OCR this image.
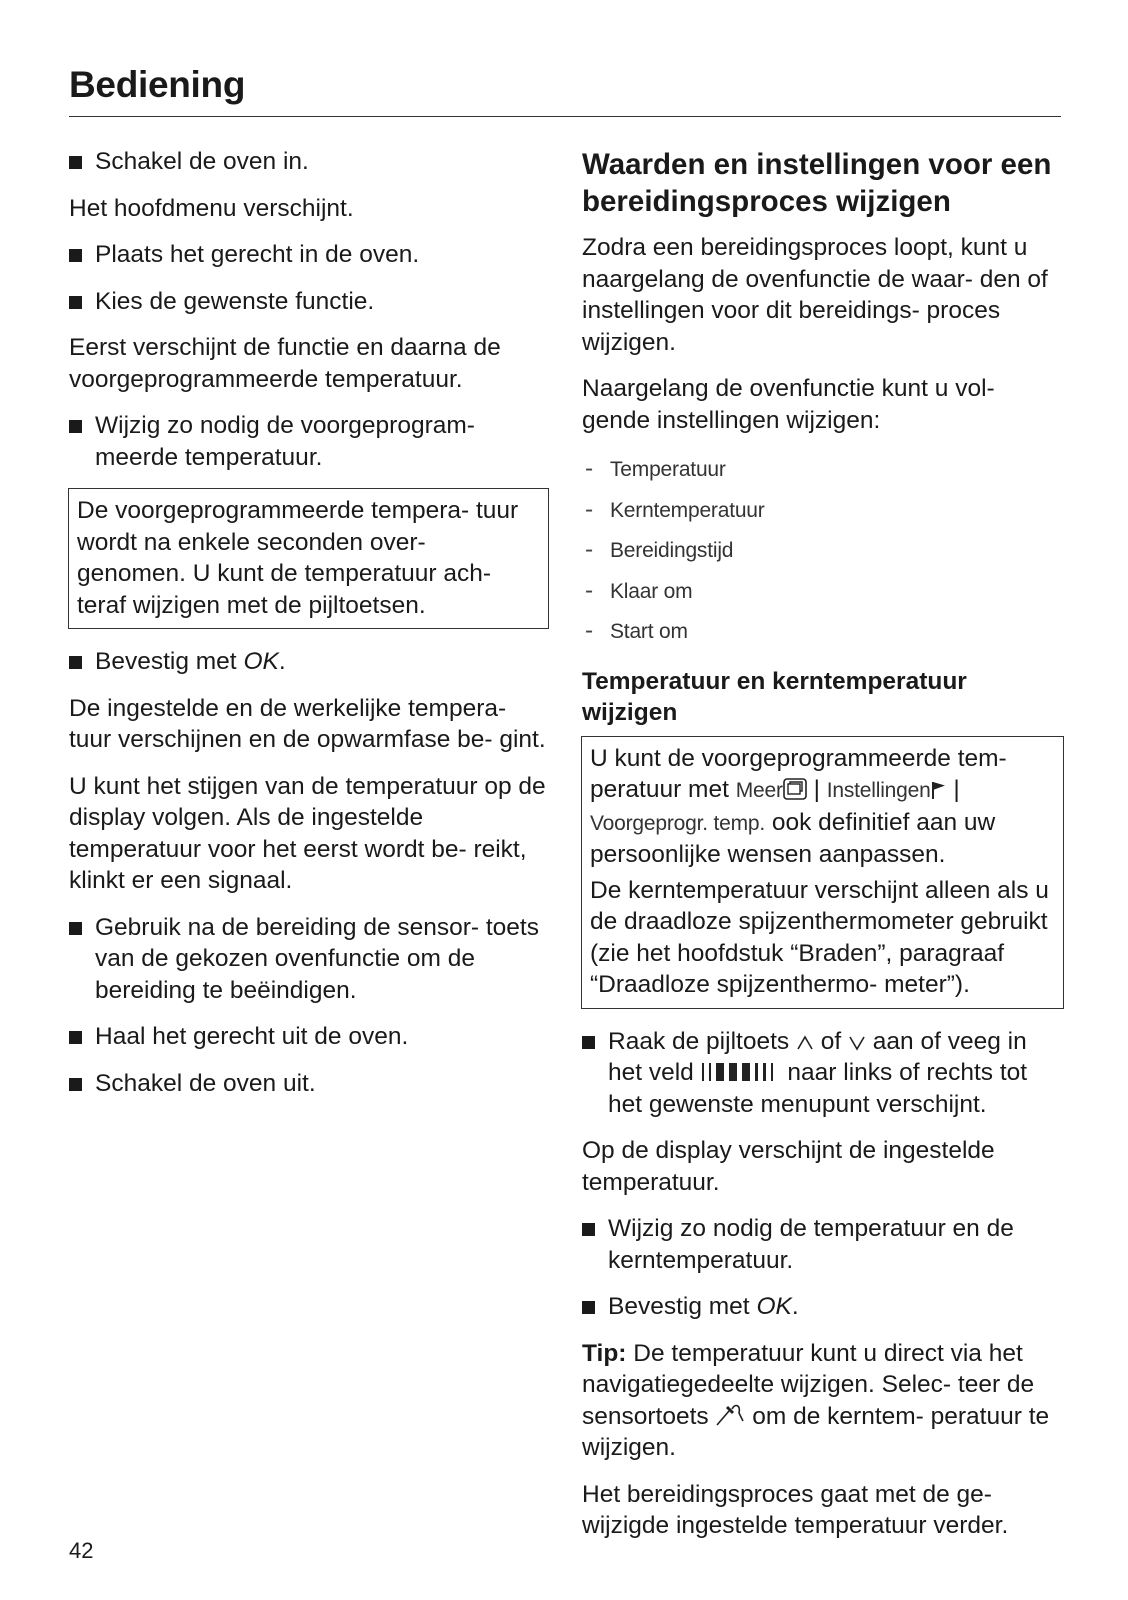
Bediening
Schakel de oven in.

Het hoofdmenu verschijnt.

Plaats het gerecht in de oven.
Kies de gewenste functie.

Eerst verschijnt de functie en daarna de voorgeprogrammeerde temperatuur.

Wijzig zo nodig de voorgeprogram-
meerde temperatuur.

De voorgeprogrammeerde tempera- tuur wordt na enkele seconden over- genomen. U kunt de temperatuur ach- teraf wijzigen met de pijltoetsen.

Bevestig met OK.

De ingestelde en de werkelijke tempera- tuur verschijnen en de opwarmfase be- gint.

U kunt het stijgen van de temperatuur op de display volgen. Als de ingestelde temperatuur voor het eerst wordt be- reikt, klinkt er een signaal.

Gebruik na de bereiding de sensor- toets van de gekozen ovenfunctie om de bereiding te beëindigen.
Haal het gerecht uit de oven.
Schakel de oven uit.
Waarden en instellingen voor een bereidingsproces wijzigen

Zodra een bereidingsproces loopt, kunt u naargelang de ovenfunctie de waar- den of instellingen voor dit bereidings- proces wijzigen.

Naargelang de ovenfunctie kunt u vol- gende instellingen wijzigen:

- Temperatuur
- Kerntemperatuur
- Bereidingstijd
- Klaar om
- Start om
Temperatuur en kerntemperatuur wijzigen

U kunt de voorgeprogrammeerde tem- peratuur met Meer | Instellingen |
Voorgeprogr. temp. ook definitief aan uw persoonlijke wensen aanpassen.

De kerntemperatuur verschijnt alleen als u de draadloze spijzenthermometer gebruikt (zie het hoofdstuk “Braden”, paragraaf “Draadloze spijzenthermo- meter”).

Raak de pijltoets  of  aan of veeg in het veld	naar links of rechts tot het gewenste menupunt verschijnt.

Op de display verschijnt de ingestelde temperatuur.

Wijzig zo nodig de temperatuur en de kerntemperatuur.
Bevestig met OK.

Tip: De temperatuur kunt u direct via het navigatiegedeelte wijzigen. Selec- teer de sensortoets  om de kerntem- peratuur te wijzigen.

Het bereidingsproces gaat met de ge- wijzigde ingestelde temperatuur verder.

42
